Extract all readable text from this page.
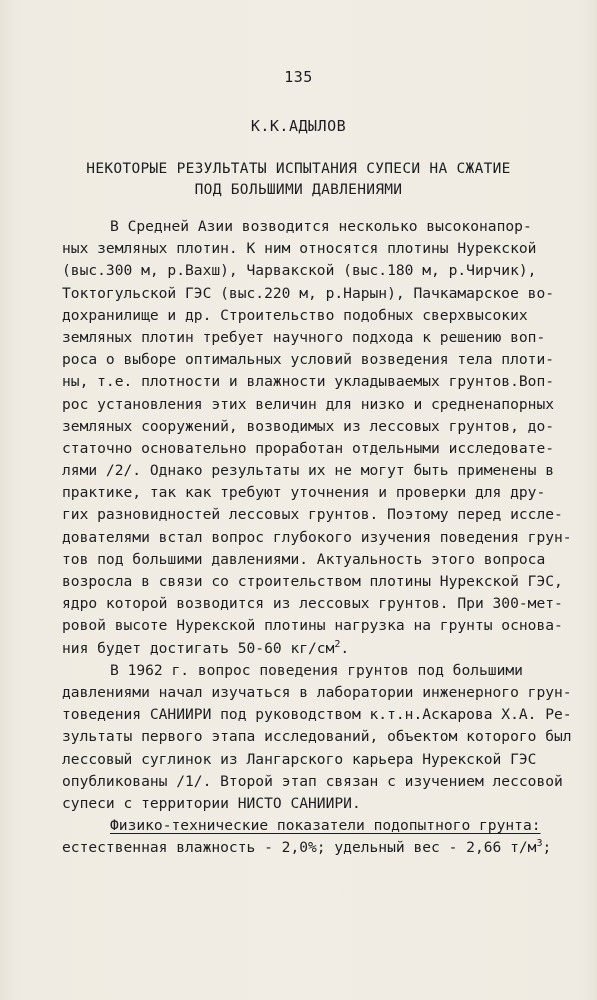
135
К.К.АДЫЛОВ
НЕКОТОРЫЕ РЕЗУЛЬТАТЫ ИСПЫТАНИЯ СУПЕСИ НА СЖАТИЕ
ПОД БОЛЬШИМИ ДАВЛЕНИЯМИ
В Средней Азии возводится несколько высоконапор-
ных земляных плотин. К ним относятся плотины Нурекской
(выс.300 м, р.Вахш), Чарвакской (выс.180 м, р.Чирчик),
Токтогульской ГЭС (выс.220 м, р.Нарын), Пачкамарское во-
дохранилище и др. Строительство подобных сверхвысоких
земляных плотин требует научного подхода к решению воп-
роса о выборе оптимальных условий возведения тела плоти-
ны, т.е. плотности и влажности укладываемых грунтов.Воп-
рос установления этих величин для низко и средненапорных
земляных сооружений, возводимых из лессовых грунтов, до-
статочно основательно проработан отдельными исследовате-
лями /2/. Однако результаты их не могут быть применены в
практике, так как требуют уточнения и проверки для дру-
гих разновидностей лессовых грунтов. Поэтому перед иссле-
дователями встал вопрос глубокого изучения поведения грун-
тов под большими давлениями. Актуальность этого вопроса
возросла в связи со строительством плотины Нурекской ГЭС,
ядро которой возводится из лессовых грунтов. При 300-мет-
ровой высоте Нурекской плотины нагрузка на грунты основа-
ния будет достигать 50-60 $кг/см^2$.
В 1962 г. вопрос поведения грунтов под большими
давлениями начал изучаться в лаборатории инженерного грун-
товедения САНИИРИ под руководством к.т.н.Аскарова Х.А. Ре-
зультаты первого этапа исследований, объектом которого был
лессовый суглинок из Лангарского карьера Нурекской ГЭС
опубликованы /1/. Второй этап связан с изучением лессовой
супеси с территории НИСТО САНИИРИ.
Физико-технические показатели подопытного грунта:
естественная влажность - 2,0%; удельный вес - 2,66 $т/м^3$;
